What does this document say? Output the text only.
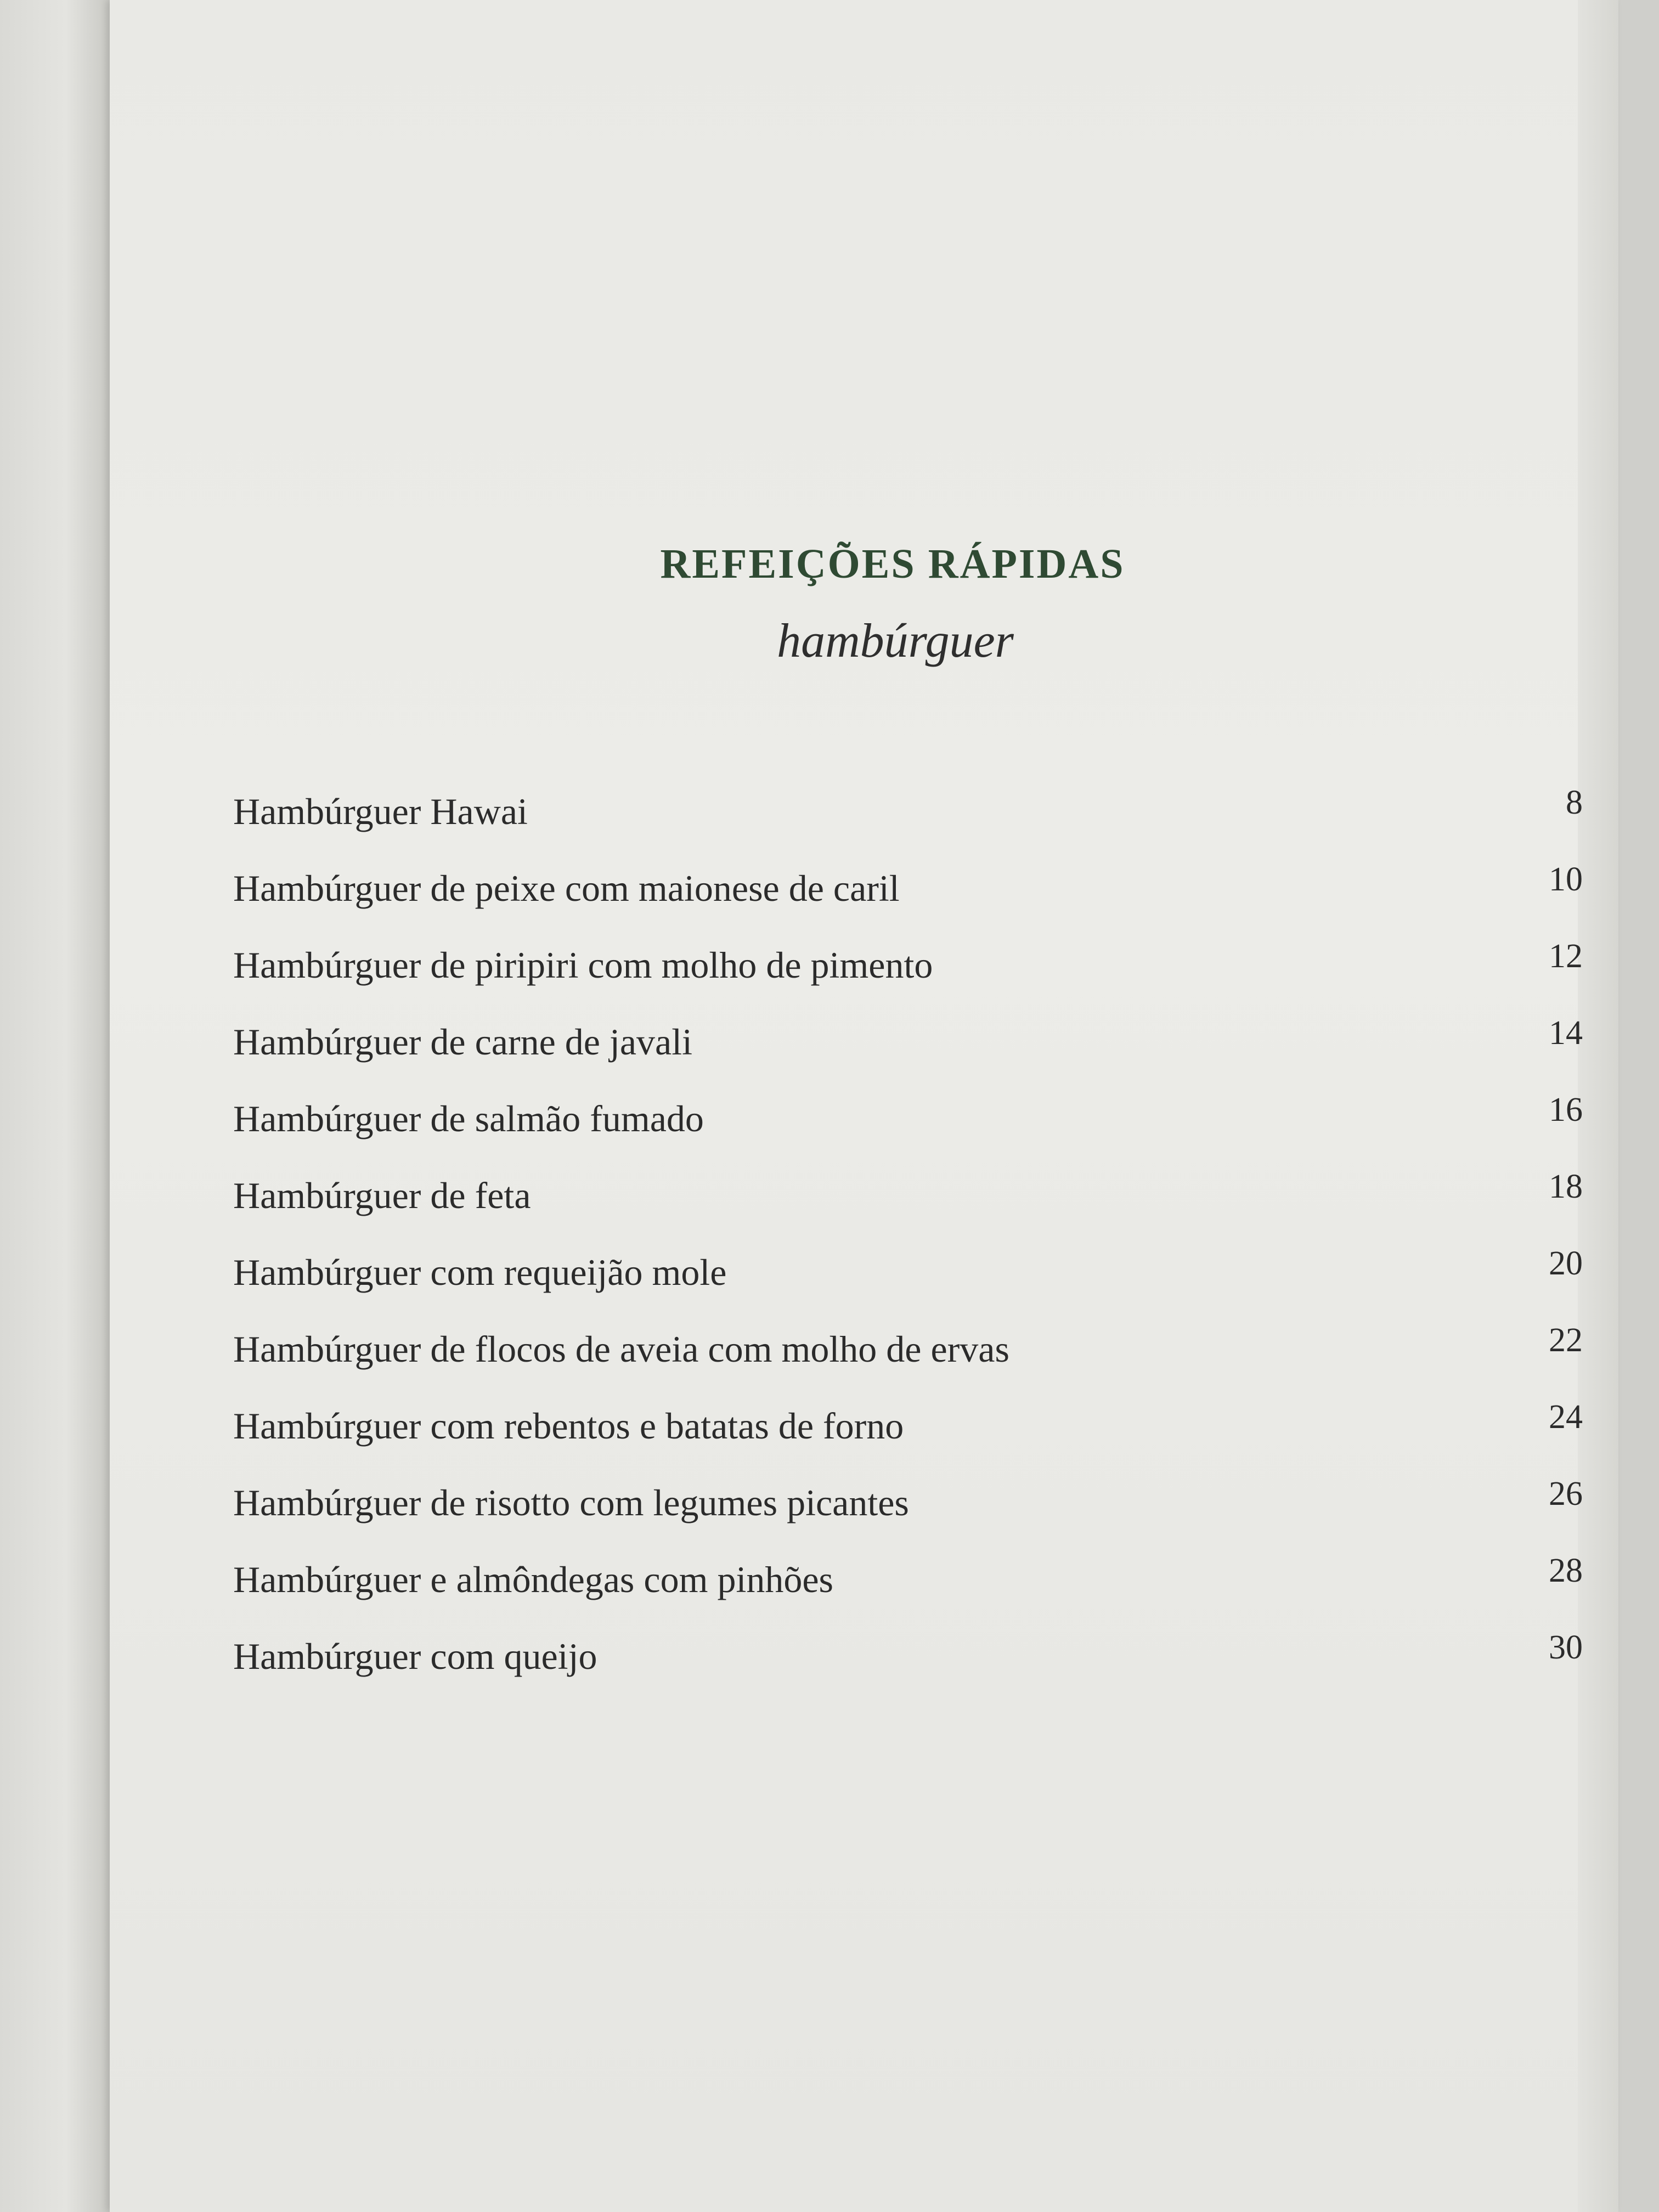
REFEIÇÕES RÁPIDAS
hambúrguer
Hambúrguer Hawai	8
Hambúrguer de peixe com maionese de caril	10
Hambúrguer de piripiri com molho de pimento	12
Hambúrguer de carne de javali	14
Hambúrguer de salmão fumado	16
Hambúrguer de feta	18
Hambúrguer com requeijão mole	20
Hambúrguer de flocos de aveia com molho de ervas	22
Hambúrguer com rebentos e batatas de forno	24
Hambúrguer de risotto com legumes picantes	26
Hambúrguer e almôndegas com pinhões	28
Hambúrguer com queijo	30
